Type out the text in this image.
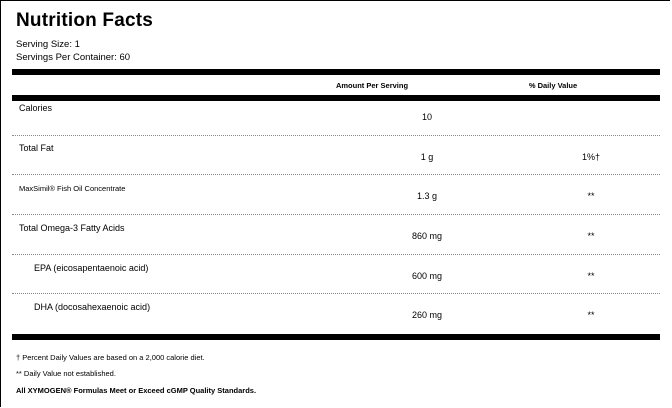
Nutrition Facts
Serving Size: 1
Servings Per Container: 60
Amount Per Serving	% Daily Value
Calories
10
Total Fat
1 g	1%†
MaxSimil® Fish Oil Concentrate
1.3 g	**
Total Omega-3 Fatty Acids
860 mg	**
EPA (eicosapentaenoic acid)
600 mg	**
DHA (docosahexaenoic acid)
260 mg	**
† Percent Daily Values are based on a 2,000 calorie diet.
** Daily Value not established.
All XYMOGEN® Formulas Meet or Exceed cGMP Quality Standards.
